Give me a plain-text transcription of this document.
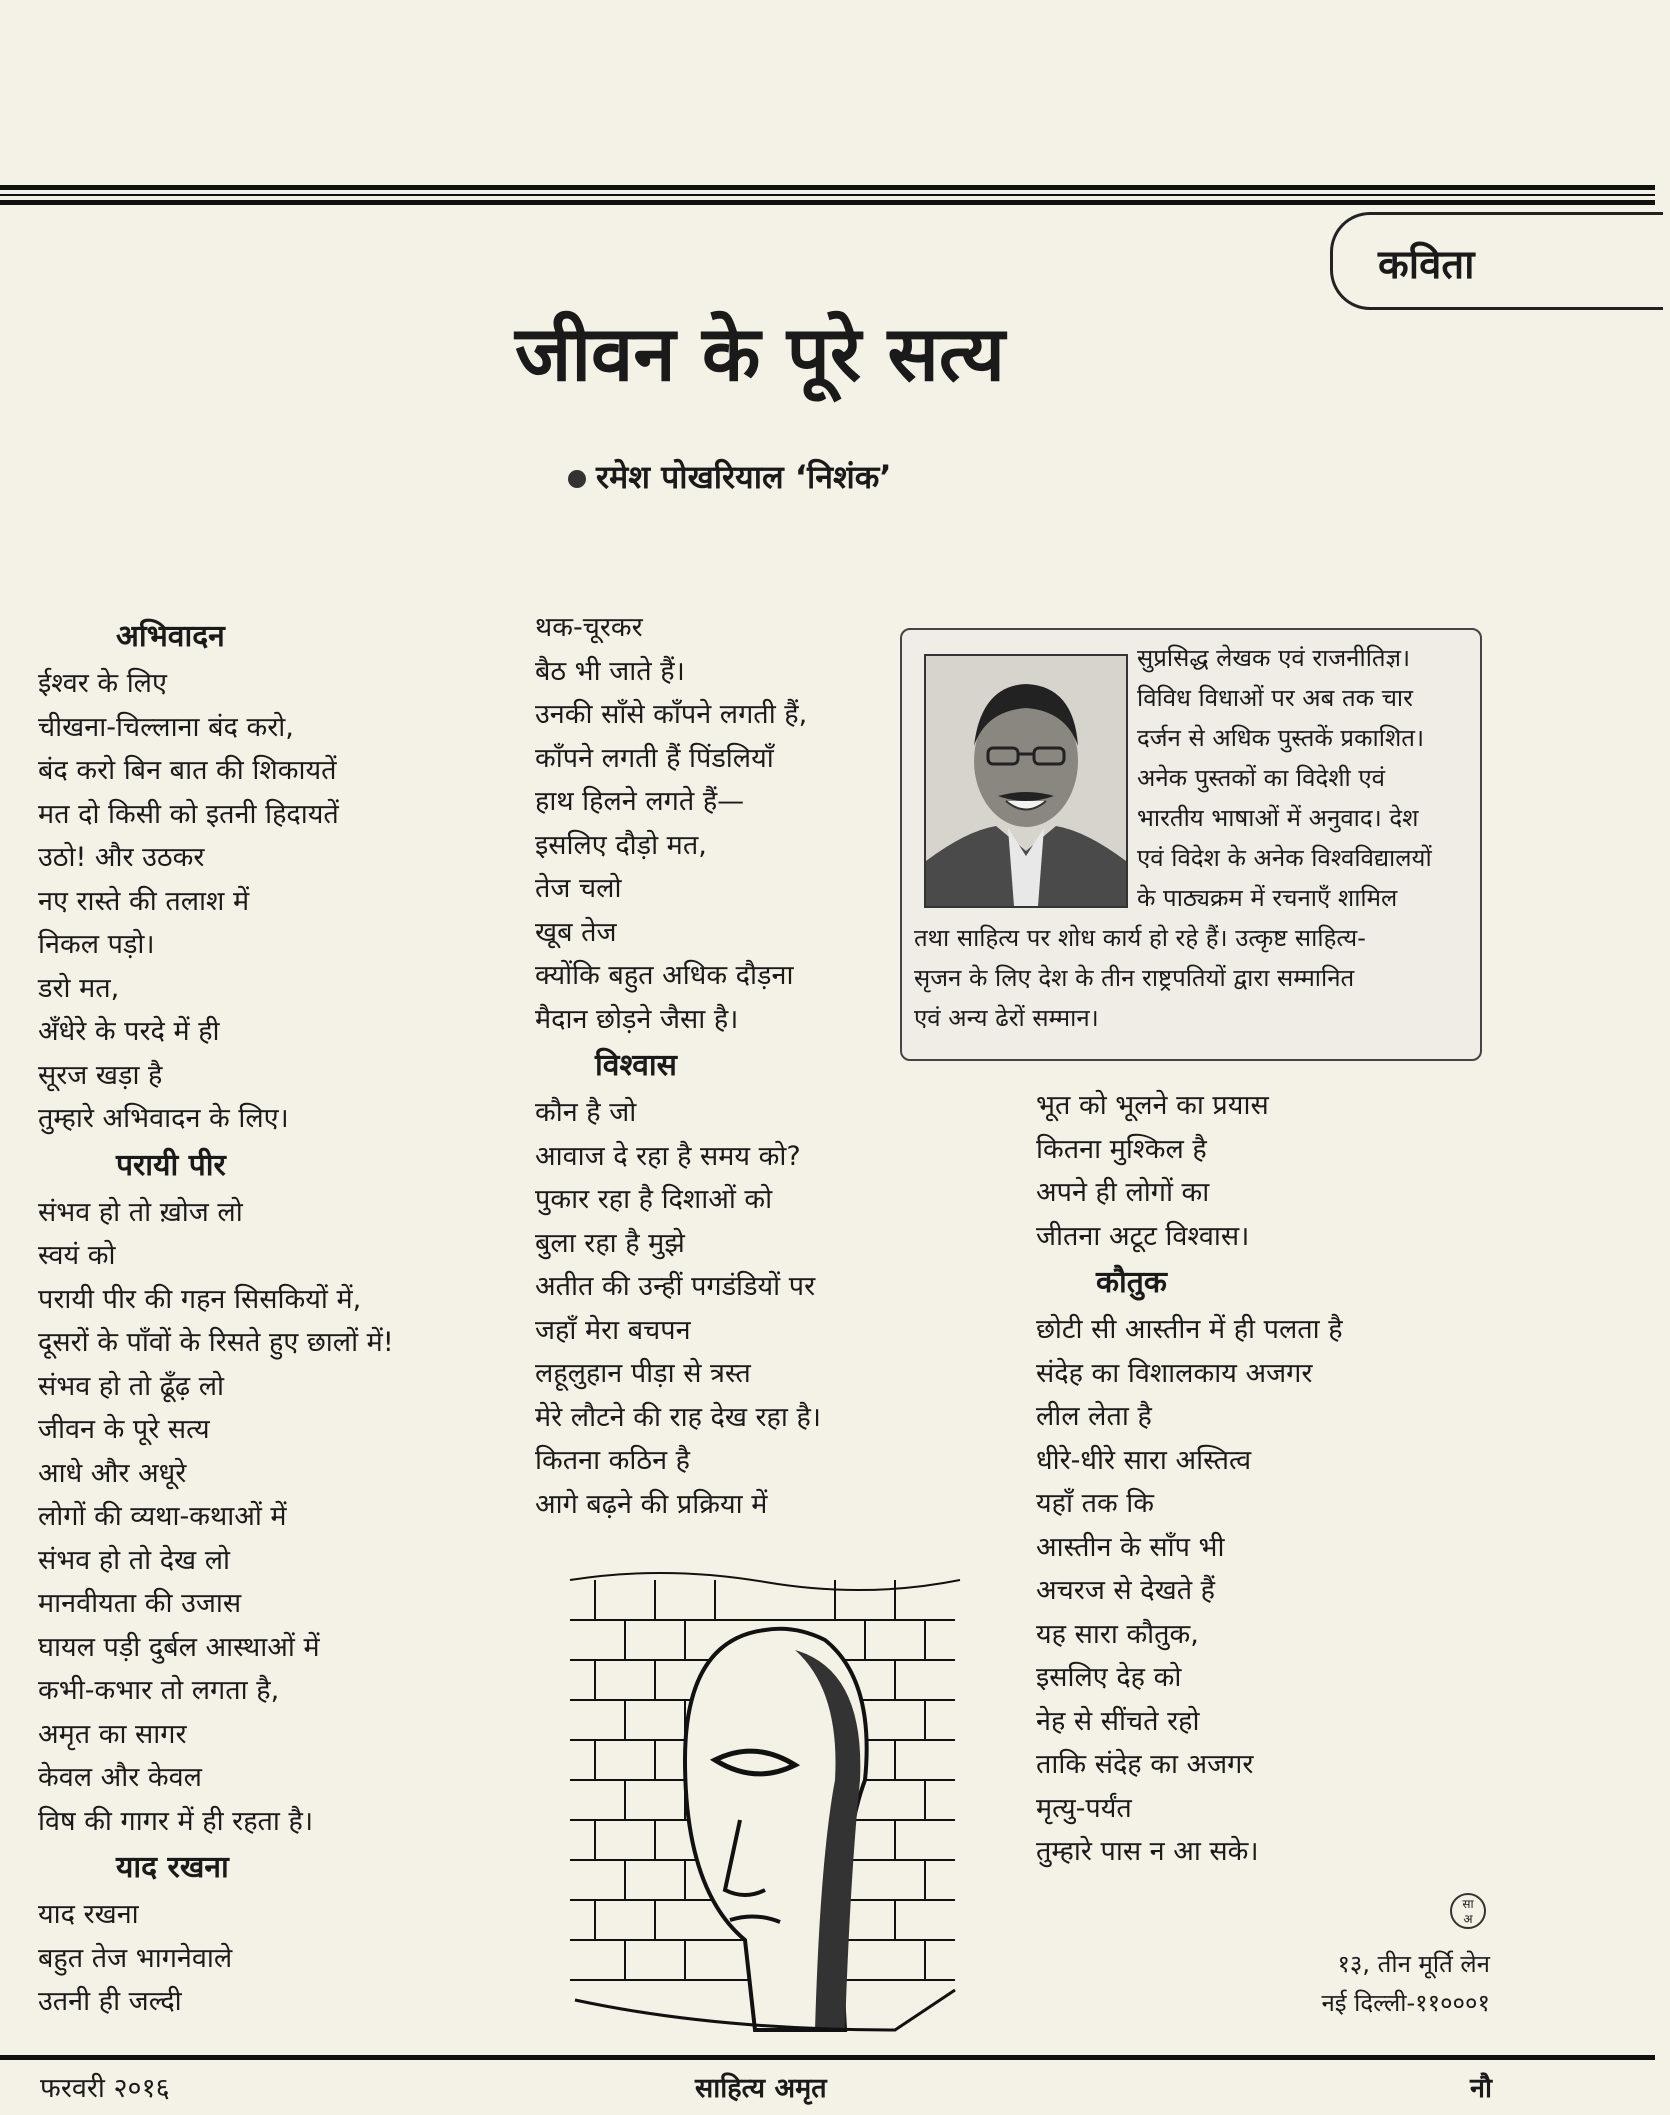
कविता
जीवन के पूरे सत्य
रमेश पोखरियाल ‘निशंक’
अभिवादन
ईश्वर के लिए
चीखना-चिल्लाना बंद करो,
बंद करो बिन बात की शिकायतें
मत दो किसी को इतनी हिदायतें
उठो! और उठकर
नए रास्ते की तलाश में
निकल पड़ो।
डरो मत,
अँधेरे के परदे में ही
सूरज खड़ा है
तुम्हारे अभिवादन के लिए।
परायी पीर
संभव हो तो ख़ोज लो
स्वयं को
परायी पीर की गहन सिसकियों में,
दूसरों के पाँवों के रिसते हुए छालों में!
संभव हो तो ढूँढ़ लो
जीवन के पूरे सत्य
आधे और अधूरे
लोगों की व्यथा-कथाओं में
संभव हो तो देख लो
मानवीयता की उजास
घायल पड़ी दुर्बल आस्थाओं में
कभी-कभार तो लगता है,
अमृत का सागर
केवल और केवल
विष की गागर में ही रहता है।
याद रखना
याद रखना
बहुत तेज भागनेवाले
उतनी ही जल्दी
थक-चूरकर
बैठ भी जाते हैं।
उनकी साँसे काँपने लगती हैं,
काँपने लगती हैं पिंडलियाँ
हाथ हिलने लगते हैं—
इसलिए दौड़ो मत,
तेज चलो
खूब तेज
क्योंकि बहुत अधिक दौड़ना
मैदान छोड़ने जैसा है।
विश्वास
कौन है जो
आवाज दे रहा है समय को?
पुकार रहा है दिशाओं को
बुला रहा है मुझे
अतीत की उन्हीं पगडंडियों पर
जहाँ मेरा बचपन
लहूलुहान पीड़ा से त्रस्त
मेरे लौटने की राह देख रहा है।
कितना कठिन है
आगे बढ़ने की प्रक्रिया में
भूत को भूलने का प्रयास
कितना मुश्किल है
अपने ही लोगों का
जीतना अटूट विश्वास।
कौतुक
छोटी सी आस्तीन में ही पलता है
संदेह का विशालकाय अजगर
लील लेता है
धीरे-धीरे सारा अस्तित्व
यहाँ तक कि
आस्तीन के साँप भी
अचरज से देखते हैं
यह सारा कौतुक,
इसलिए देह को
नेह से सींचते रहो
ताकि संदेह का अजगर
मृत्यु-पर्यंत
तुम्हारे पास न आ सके।
सुप्रसिद्ध लेखक एवं राजनीतिज्ञ।
विविध विधाओं पर अब तक चार
दर्जन से अधिक पुस्तकें प्रकाशित।
अनेक पुस्तकों का विदेशी एवं
भारतीय भाषाओं में अनुवाद। देश
एवं विदेश के अनेक विश्वविद्यालयों
के पाठ्यक्रम में रचनाएँ शामिल
तथा साहित्य पर शोध कार्य हो रहे हैं। उत्कृष्ट साहित्य-
सृजन के लिए देश के तीन राष्ट्रपतियों द्वारा सम्मानित
एवं अन्य ढेरों सम्मान।
सा
अ
१३, तीन मूर्ति लेन
नई दिल्ली-११०००१
फरवरी २०१६	साहित्य अमृत	नौ
